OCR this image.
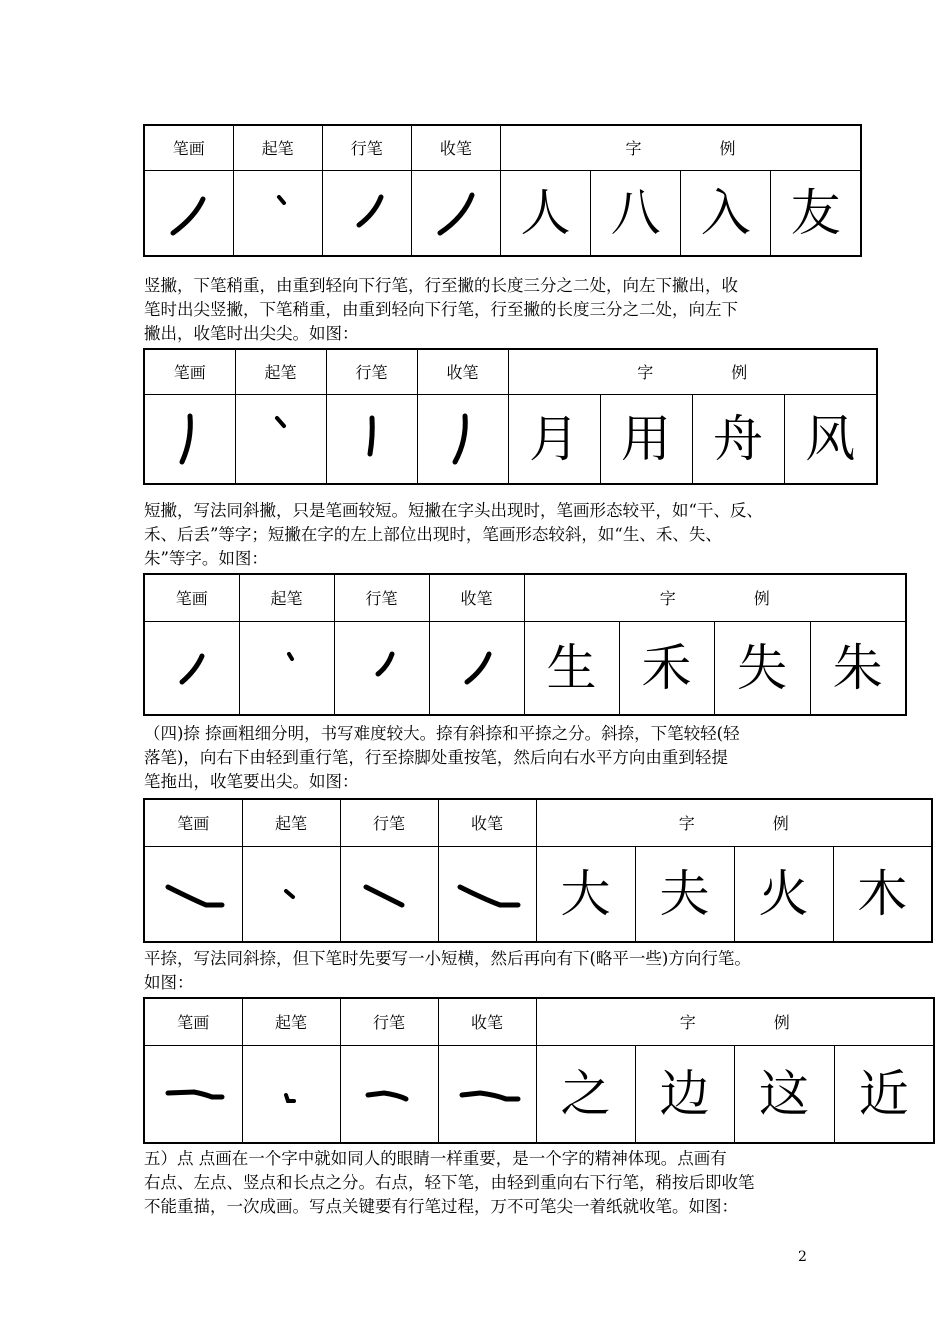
笔画	起笔	行笔	收笔	字 例			

	人	八	入	友

竖撇，下笔稍重，由重到轻向下行笔，行至撇的长度三分之二处，向左下撇出，收
笔时出尖竖撇，下笔稍重，由重到轻向下行笔，行至撇的长度三分之二处，向左下
撇出，收笔时出尖尖。如图：

笔画	起笔	行笔	收笔	字 例			

	月	用	舟	风

短撇，写法同斜撇，只是笔画较短。短撇在字头出现时，笔画形态较平，如“干、反、
禾、后丢”等字；短撇在字的左上部位出现时，笔画形态较斜，如“生、禾、失、
朱”等字。如图：

笔画	起笔	行笔	收笔	字 例			

	生	禾	失	朱

（四)捺 捺画粗细分明，书写难度较大。捺有斜捺和平捺之分。斜捺，下笔较轻(轻
落笔)，向右下由轻到重行笔，行至捺脚处重按笔，然后向右水平方向由重到轻提
笔拖出，收笔要出尖。如图：

笔画	起笔	行笔	收笔	字 例			

	大	夫	火	木

平捺，写法同斜捺，但下笔时先要写一小短横，然后再向有下(略平一些)方向行笔。
如图：

笔画	起笔	行笔	收笔	字 例			

	之	边	这	近

五）点 点画在一个字中就如同人的眼睛一样重要，是一个字的精神体现。点画有
右点、左点、竖点和长点之分。右点，轻下笔，由轻到重向右下行笔，稍按后即收笔
不能重描，一次成画。写点关键要有行笔过程，万不可笔尖一着纸就收笔。如图：

2
